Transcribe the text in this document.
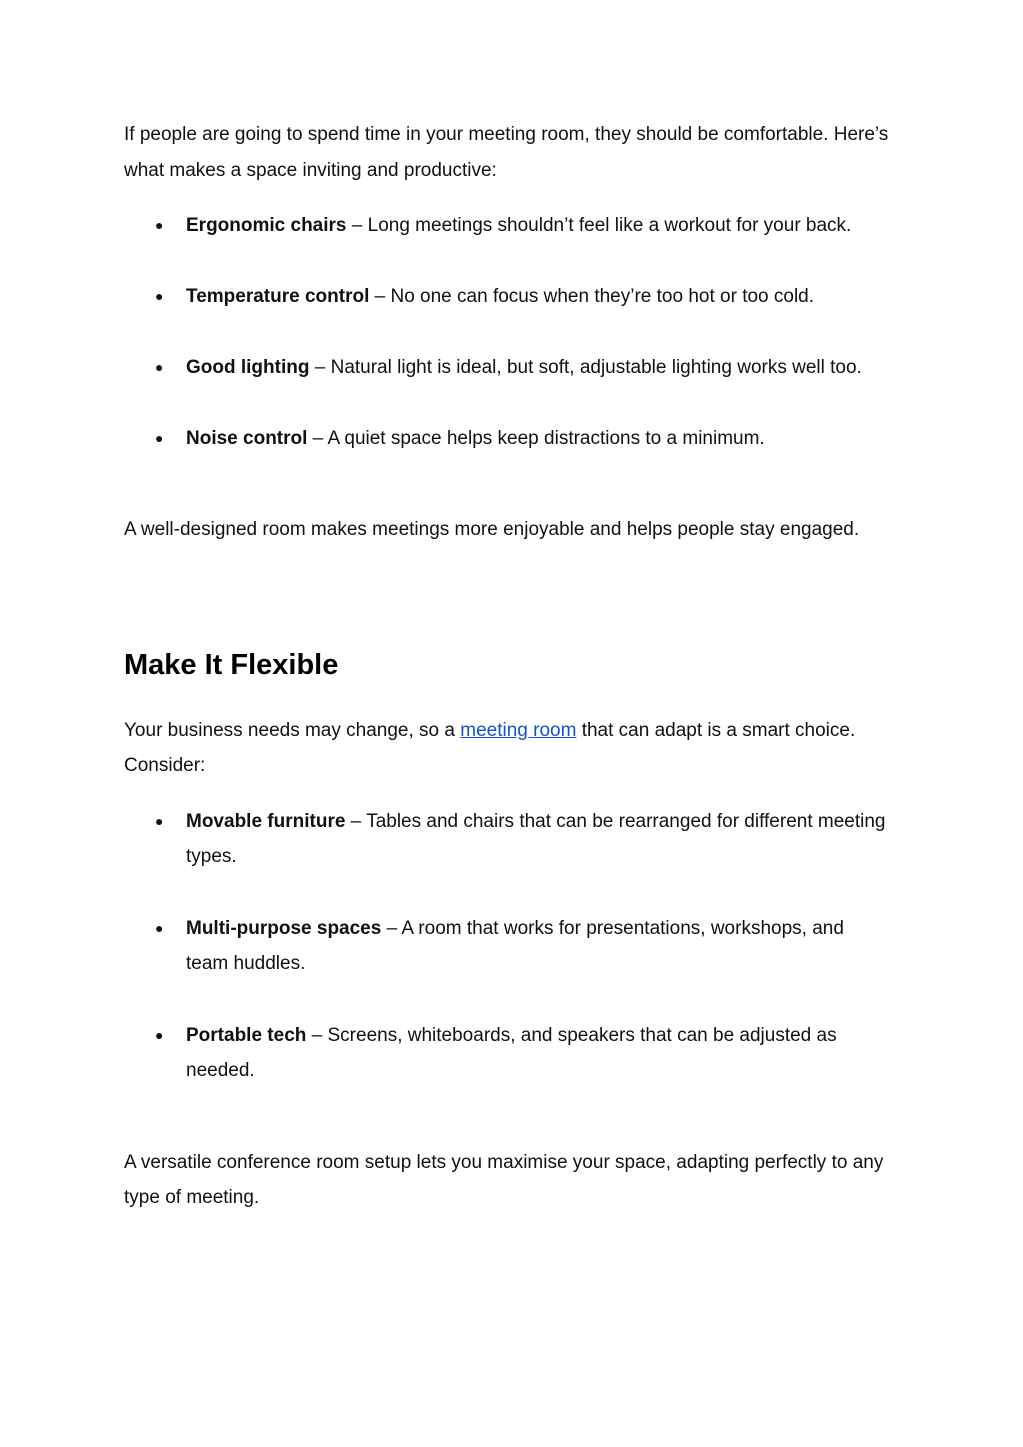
If people are going to spend time in your meeting room, they should be comfortable. Here’s what makes a space inviting and productive:

● Ergonomic chairs – Long meetings shouldn’t feel like a workout for your back.
● Temperature control – No one can focus when they’re too hot or too cold.
● Good lighting – Natural light is ideal, but soft, adjustable lighting works well too.
● Noise control – A quiet space helps keep distractions to a minimum.

A well-designed room makes meetings more enjoyable and helps people stay engaged.

Make It Flexible

Your business needs may change, so a meeting room that can adapt is a smart choice. Consider:

● Movable furniture – Tables and chairs that can be rearranged for different meeting types.
● Multi-purpose spaces – A room that works for presentations, workshops, and team huddles.
● Portable tech – Screens, whiteboards, and speakers that can be adjusted as needed.

A versatile conference room setup lets you maximise your space, adapting perfectly to any type of meeting.
